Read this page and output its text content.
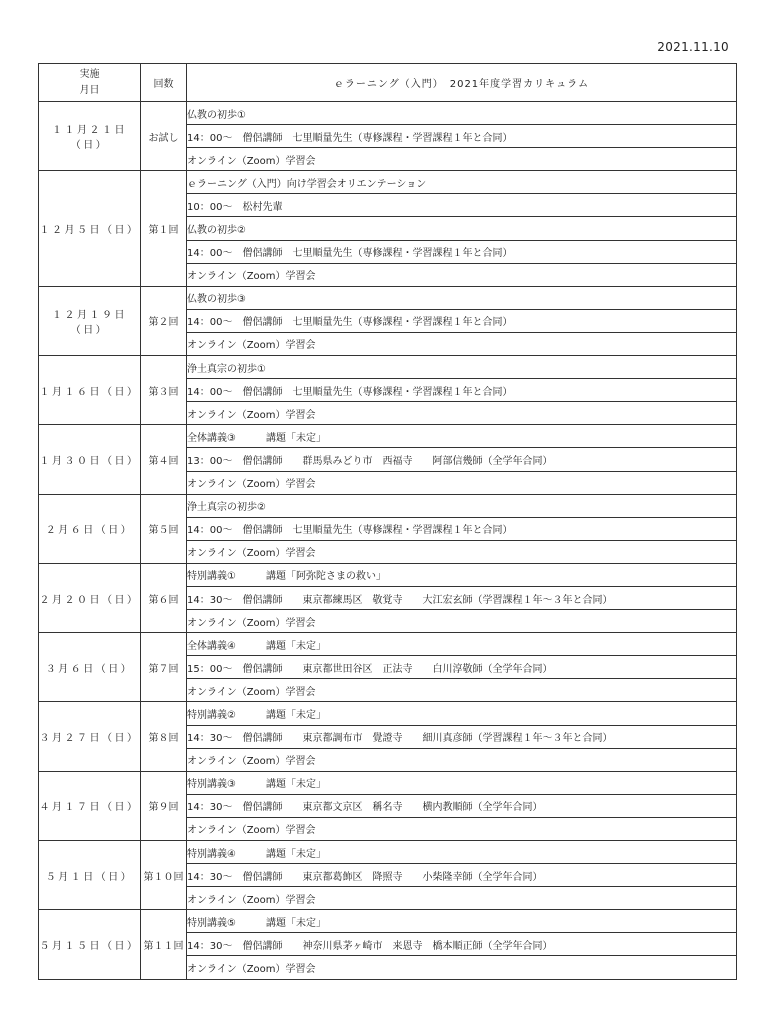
2021.11.10
実施
月日	回数	ｅラーニング（入門）　2021年度学習カリキュラム
１１月２１日（日）	お試し	仏教の初歩①
		14：00～　僧侶講師　七里順量先生（専修課程・学習課程１年と合同）
		オンライン（Zoom）学習会
１２月５日（日）	第１回	ｅラーニング（入門）向け学習会オリエンテーション
		10：00～　松村先輩
		仏教の初歩②
		14：00～　僧侶講師　七里順量先生（専修課程・学習課程１年と合同）
		オンライン（Zoom）学習会
１２月１９日（日）	第２回	仏教の初歩③
		14：00～　僧侶講師　七里順量先生（専修課程・学習課程１年と合同）
		オンライン（Zoom）学習会
１月１６日（日）	第３回	浄土真宗の初歩①
		14：00～　僧侶講師　七里順量先生（専修課程・学習課程１年と合同）
		オンライン（Zoom）学習会
１月３０日（日）	第４回	全体講義③　　　講題「未定」
		13：00～　僧侶講師　　群馬県みどり市　西福寺　　阿部信幾師（全学年合同）
		オンライン（Zoom）学習会
２月６日（日）	第５回	浄土真宗の初歩②
		14：00～　僧侶講師　七里順量先生（専修課程・学習課程１年と合同）
		オンライン（Zoom）学習会
２月２０日（日）	第６回	特別講義①　　　講題「阿弥陀さまの救い」
		14：30～　僧侶講師　　東京都練馬区　敬覚寺　　大江宏玄師（学習課程１年～３年と合同）
		オンライン（Zoom）学習会
３月６日（日）	第７回	全体講義④　　　講題「未定」
		15：00～　僧侶講師　　東京都世田谷区　正法寺　　白川淳敬師（全学年合同）
		オンライン（Zoom）学習会
３月２７日（日）	第８回	特別講義②　　　講題「未定」
		14：30～　僧侶講師　　東京都調布市　覺證寺　　細川真彦師（学習課程１年～３年と合同）
		オンライン（Zoom）学習会
４月１７日（日）	第９回	特別講義③　　　講題「未定」
		14：30～　僧侶講師　　東京都文京区　稱名寺　　横内教順師（全学年合同）
		オンライン（Zoom）学習会
５月１日（日）	第１０回	特別講義④　　　講題「未定」
		14：30～　僧侶講師　　東京都葛飾区　降照寺　　小柴隆幸師（全学年合同）
		オンライン（Zoom）学習会
５月１５日（日）	第１１回	特別講義⑤　　　講題「未定」
		14：30～　僧侶講師　　神奈川県茅ヶ崎市　来恩寺　橋本順正師（全学年合同）
		オンライン（Zoom）学習会
